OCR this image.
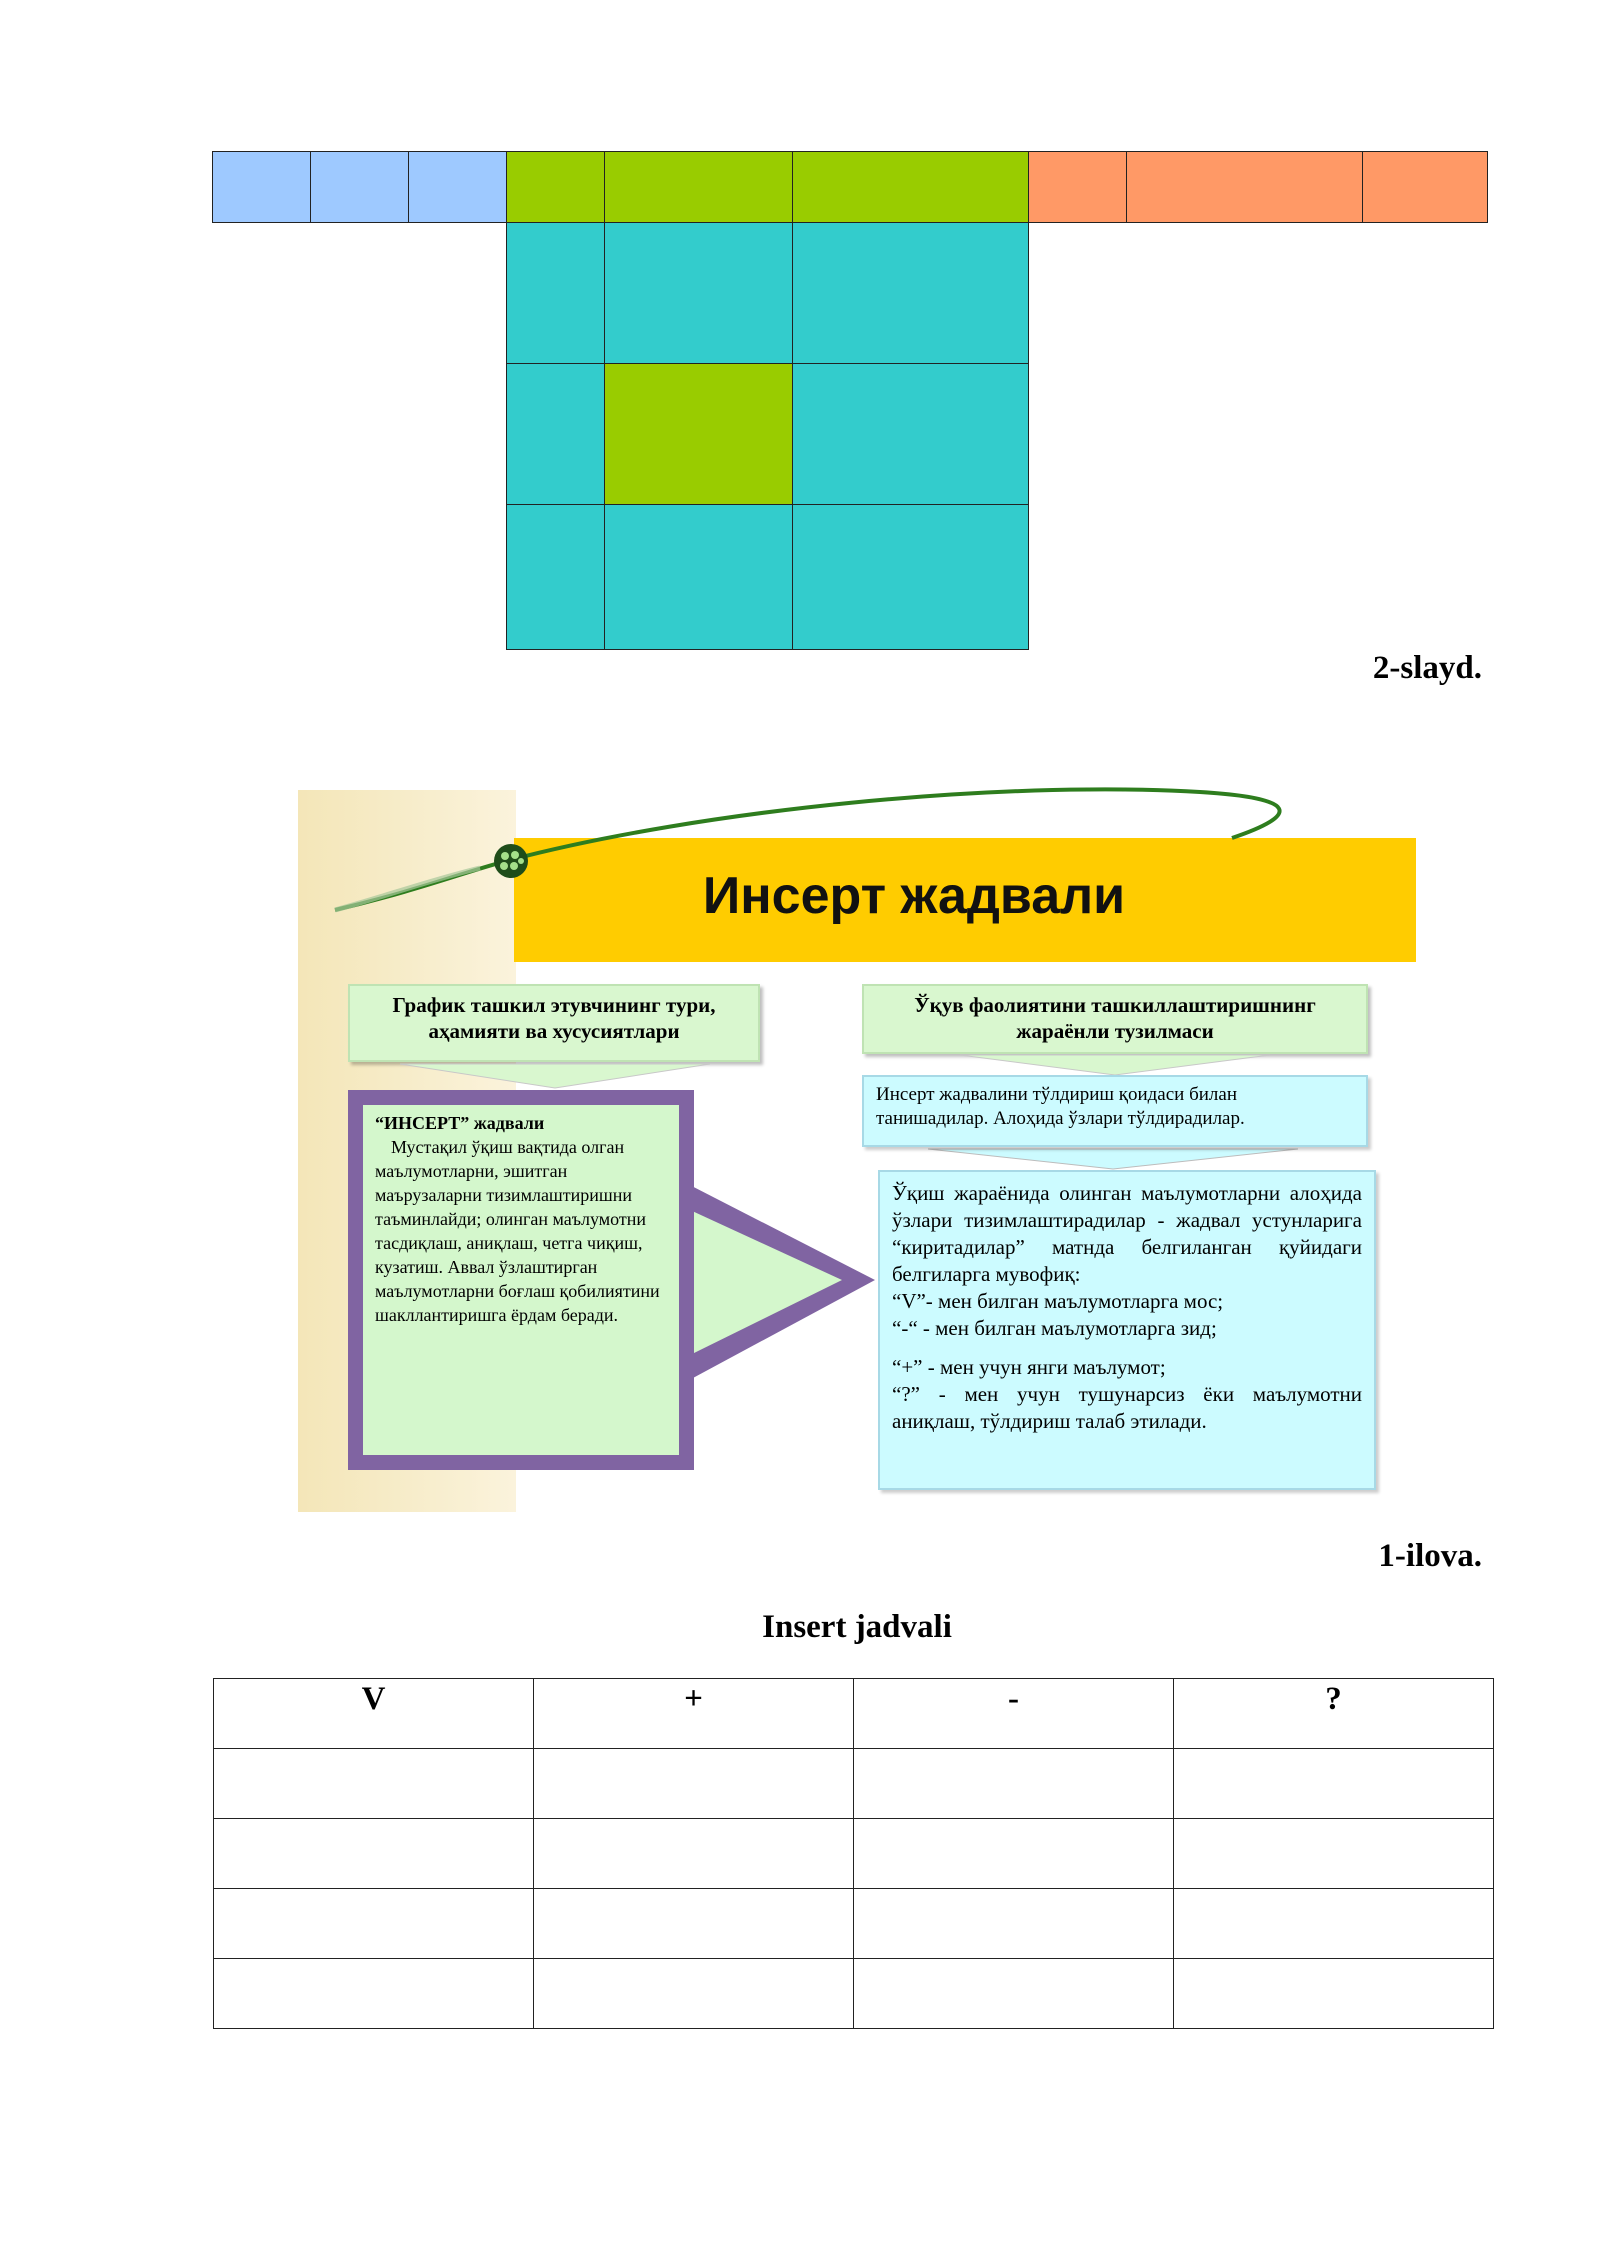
2-slayd.
Инсерт жадвали
График ташкил этувчининг тури, аҳамияти ва хусусиятлари
Ўқув фаолиятини ташкиллаштиришнинг жараёнли тузилмаси
“ИНСЕРТ” жадвали
Мустақил ўқиш вақтида олган маълумотларни, эшитган маърузаларни тизимлаштиришни таъминлайди; олинган маълумотни тасдиқлаш, аниқлаш, четга чиқиш, кузатиш. Аввал ўзлаштирган маълумотларни боғлаш қобилиятини шакллантиришга ёрдам беради.
Инсерт жадвалини тўлдириш қоидаси билан танишадилар. Алоҳида ўзлари тўлдирадилар.

Ўқиш жараёнида олинган маълумотларни алоҳида ўзлари тизимлаштирадилар - жадвал устунларига “киритадилар” матнда белгиланган қуйидаги белгиларга мувофиқ:

“V”- мен билган маълумотларга мос;

“-“ - мен билган маълумотларга зид;

“+” - мен учун янги маълумот;

“?” - мен учун тушунарсиз ёки маълумотни аниқлаш, тўлдириш талаб этилади.

1-ilova.
Insert jadvali
V	+	-	?
